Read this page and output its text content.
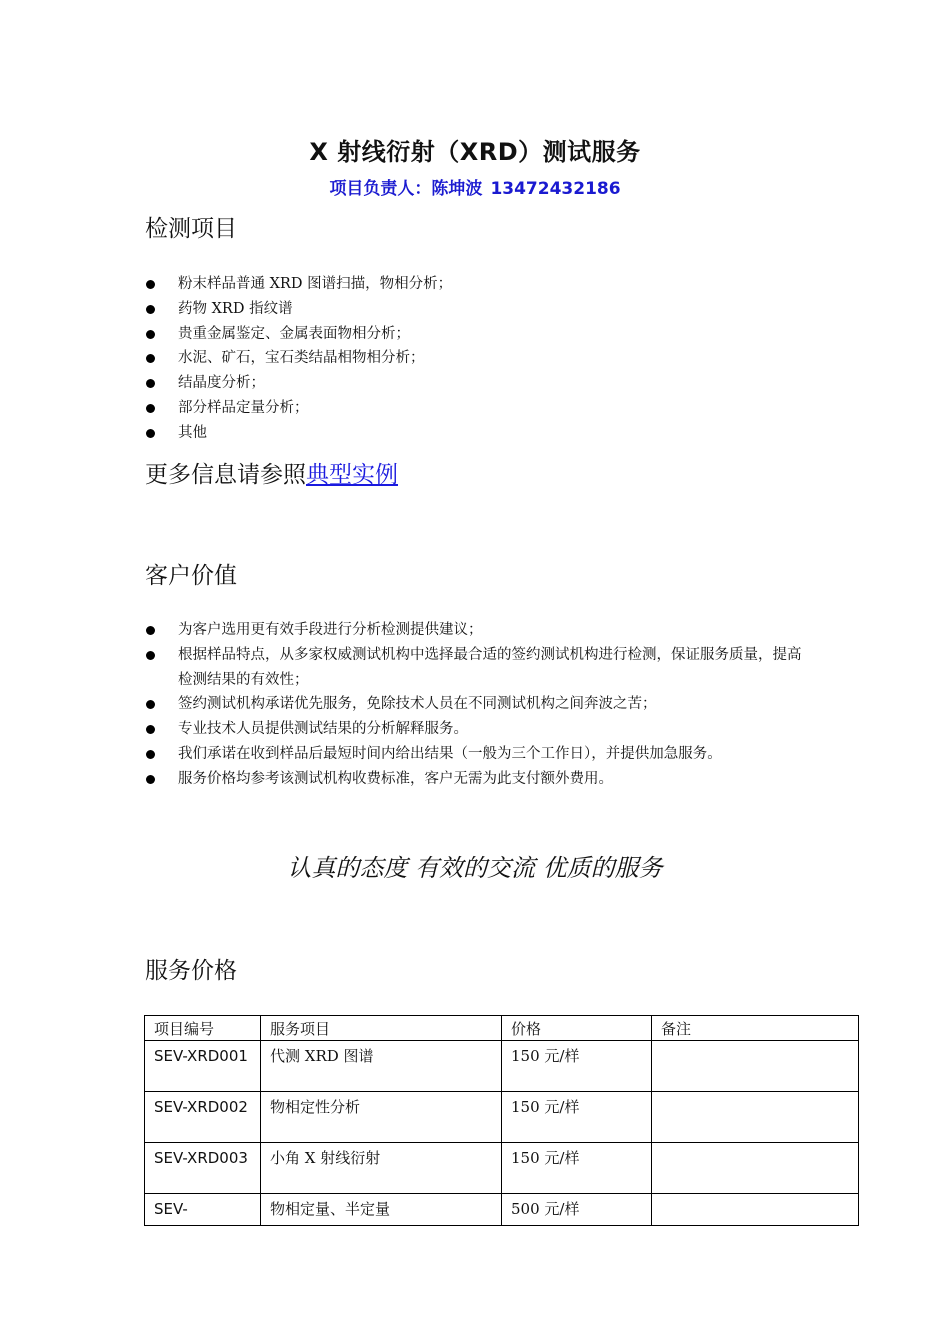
X 射线衍射（XRD）测试服务
项目负责人：陈坤波 13472432186
检测项目
粉末样品普通 XRD 图谱扫描，物相分析；
药物 XRD 指纹谱
贵重金属鉴定、金属表面物相分析；
水泥、矿石，宝石类结晶相物相分析；
结晶度分析；
部分样品定量分析；
其他
更多信息请参照典型实例
客户价值
为客户选用更有效手段进行分析检测提供建议；
根据样品特点，从多家权威测试机构中选择最合适的签约测试机构进行检测，保证服务质量，提高检测结果的有效性；
签约测试机构承诺优先服务，免除技术人员在不同测试机构之间奔波之苦；
专业技术人员提供测试结果的分析解释服务。
我们承诺在收到样品后最短时间内给出结果（一般为三个工作日），并提供加急服务。
服务价格均参考该测试机构收费标准，客户无需为此支付额外费用。
认真的态度 有效的交流 优质的服务
服务价格
项目编号	服务项目	价格	备注
SEV-XRD001	代测 XRD 图谱	150 元/样	
SEV-XRD002	物相定性分析	150 元/样	
SEV-XRD003	小角 X 射线衍射	150 元/样	
SEV-	物相定量、半定量	500 元/样	
